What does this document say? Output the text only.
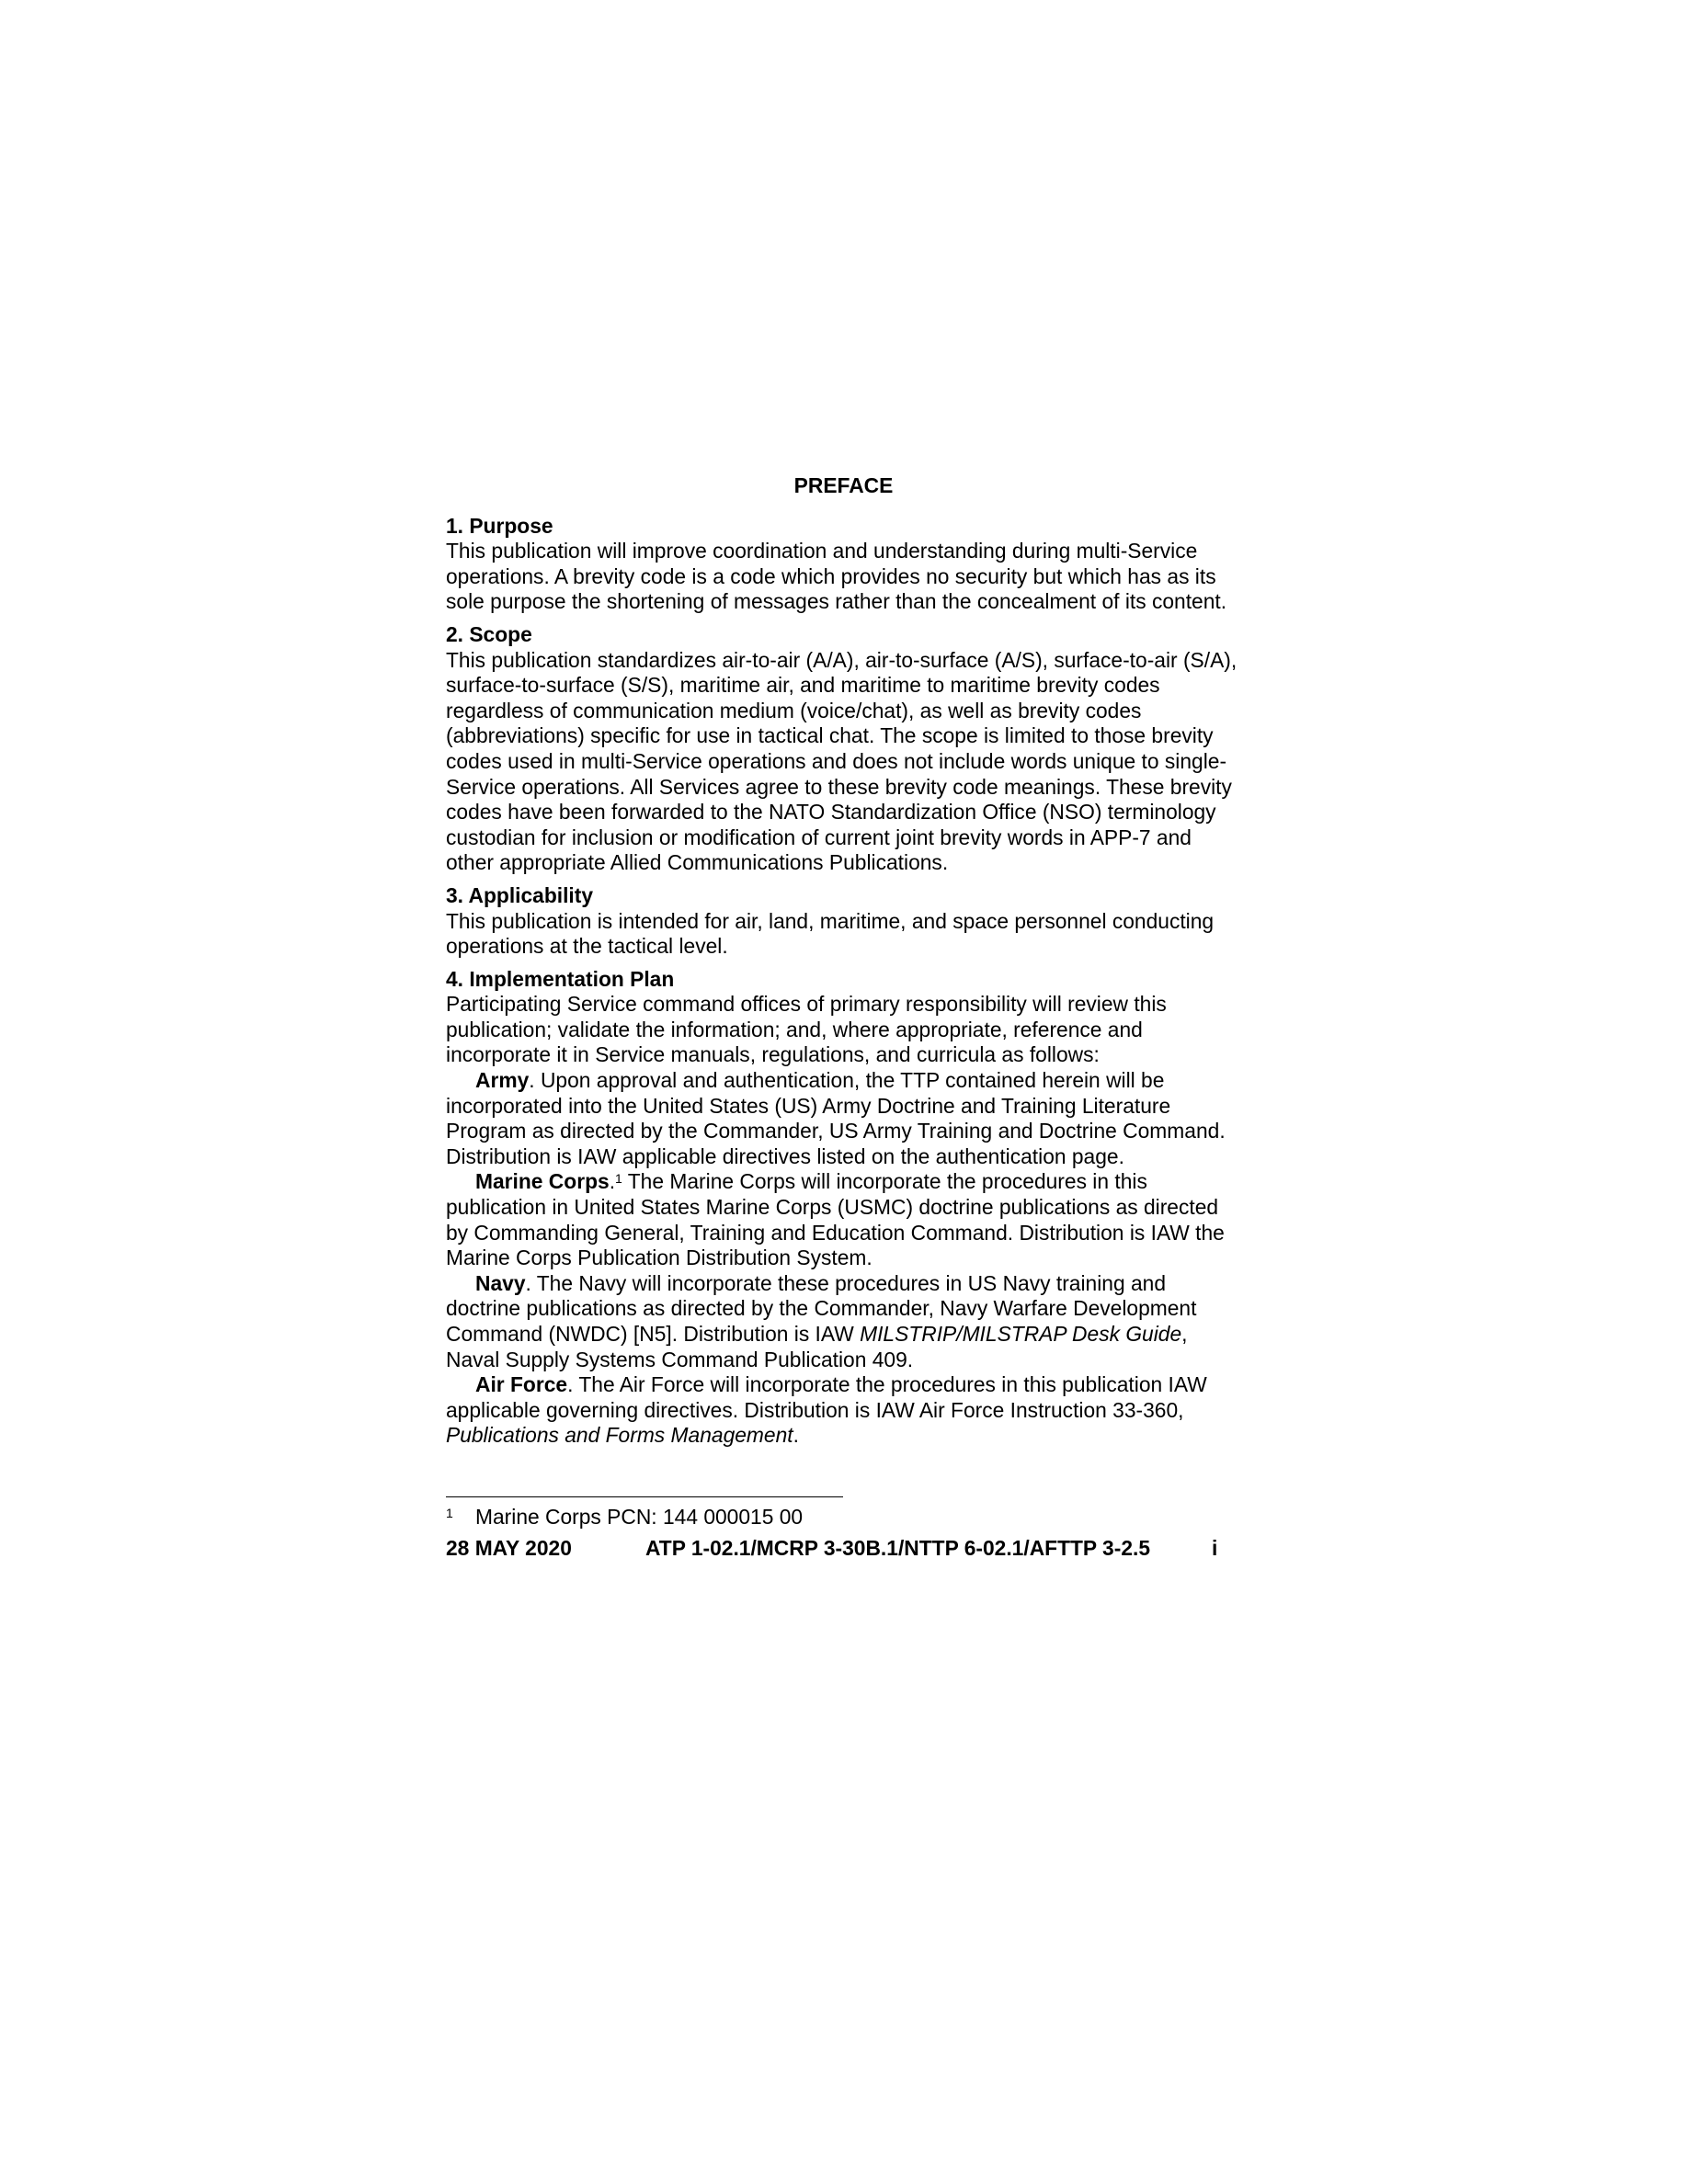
PREFACE
1. Purpose

This publication will improve coordination and understanding during multi-Service operations. A brevity code is a code which provides no security but which has as its sole purpose the shortening of messages rather than the concealment of its content.

2. Scope

This publication standardizes air-to-air (A/A), air-to-surface (A/S), surface-to-air (S/A), surface-to-surface (S/S), maritime air, and maritime to maritime brevity codes regardless of communication medium (voice/chat), as well as brevity codes (abbreviations) specific for use in tactical chat. The scope is limited to those brevity codes used in multi-Service operations and does not include words unique to single-Service operations. All Services agree to these brevity code meanings. These brevity codes have been forwarded to the NATO Standardization Office (NSO) terminology custodian for inclusion or modification of current joint brevity words in APP-7 and other appropriate Allied Communications Publications.

3. Applicability

This publication is intended for air, land, maritime, and space personnel conducting operations at the tactical level.

4. Implementation Plan

Participating Service command offices of primary responsibility will review this publication; validate the information; and, where appropriate, reference and incorporate it in Service manuals, regulations, and curricula as follows:

Army. Upon approval and authentication, the TTP contained herein will be incorporated into the United States (US) Army Doctrine and Training Literature Program as directed by the Commander, US Army Training and Doctrine Command. Distribution is IAW applicable directives listed on the authentication page.

Marine Corps.$^1$ The Marine Corps will incorporate the procedures in this publication in United States Marine Corps (USMC) doctrine publications as directed by Commanding General, Training and Education Command. Distribution is IAW the Marine Corps Publication Distribution System.

Navy. The Navy will incorporate these procedures in US Navy training and doctrine publications as directed by the Commander, Navy Warfare Development Command (NWDC) [N5]. Distribution is IAW MILSTRIP/MILSTRAP Desk Guide, Naval Supply Systems Command Publication 409.

Air Force. The Air Force will incorporate the procedures in this publication IAW applicable governing directives. Distribution is IAW Air Force Instruction 33-360, Publications and Forms Management.

1 Marine Corps PCN: 144 000015 00

28 MAY 2020	ATP 1-02.1/MCRP 3-30B.1/NTTP 6-02.1/AFTTP 3-2.5	i
